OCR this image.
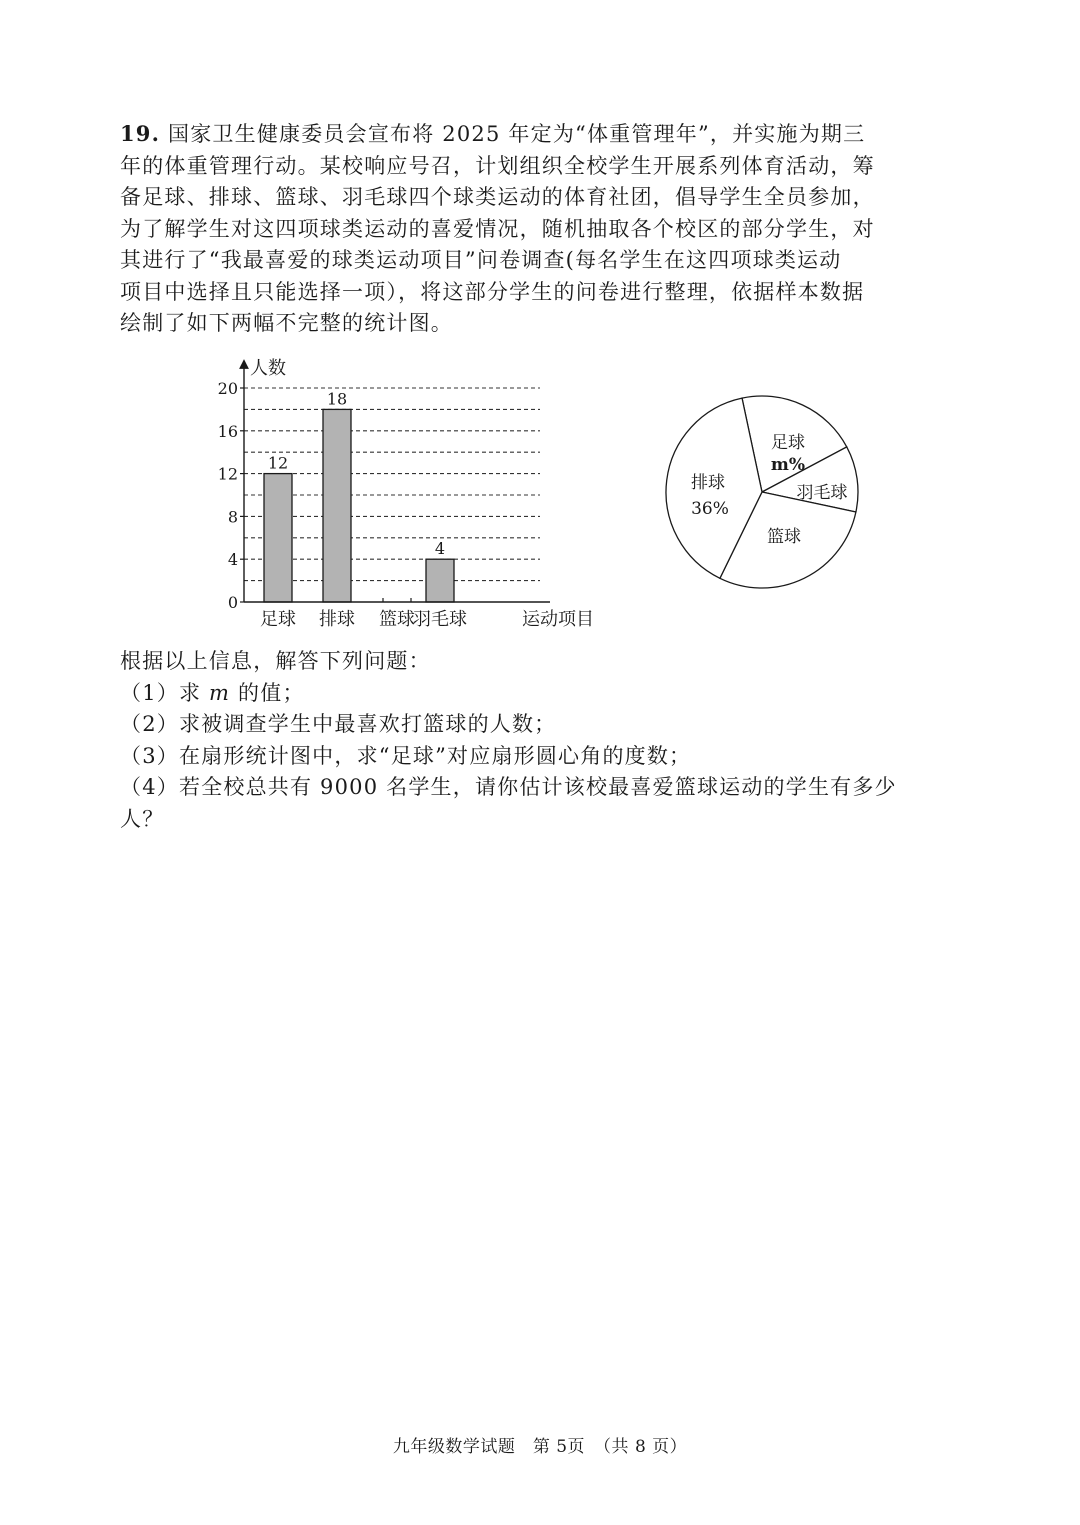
19. 国家卫生健康委员会宣布将 2025 年定为“体重管理年”，并实施为期三
年的体重管理行动。某校响应号召，计划组织全校学生开展系列体育活动，筹
备足球、排球、篮球、羽毛球四个球类运动的体育社团，倡导学生全员参加，
为了解学生对这四项球类运动的喜爱情况，随机抽取各个校区的部分学生，对
其进行了“我最喜爱的球类运动项目”问卷调查(每名学生在这四项球类运动
项目中选择且只能选择一项），将这部分学生的问卷进行整理，依据样本数据
绘制了如下两幅不完整的统计图。
0
4
8
12
16
20
人数
运动项目
12
足球
18
排球 篮球
4
羽毛球
足球
m%
羽毛球
篮球
排球
36%
根据以上信息，解答下列问题：
（1）求 m 的值；
（2）求被调查学生中最喜欢打篮球的人数；
（3）在扇形统计图中，求“足球”对应扇形圆心角的度数；
（4）若全校总共有 9000 名学生，请你估计该校最喜爱篮球运动的学生有多少
人？
九年级数学试题　第 5页　（共 8 页）
